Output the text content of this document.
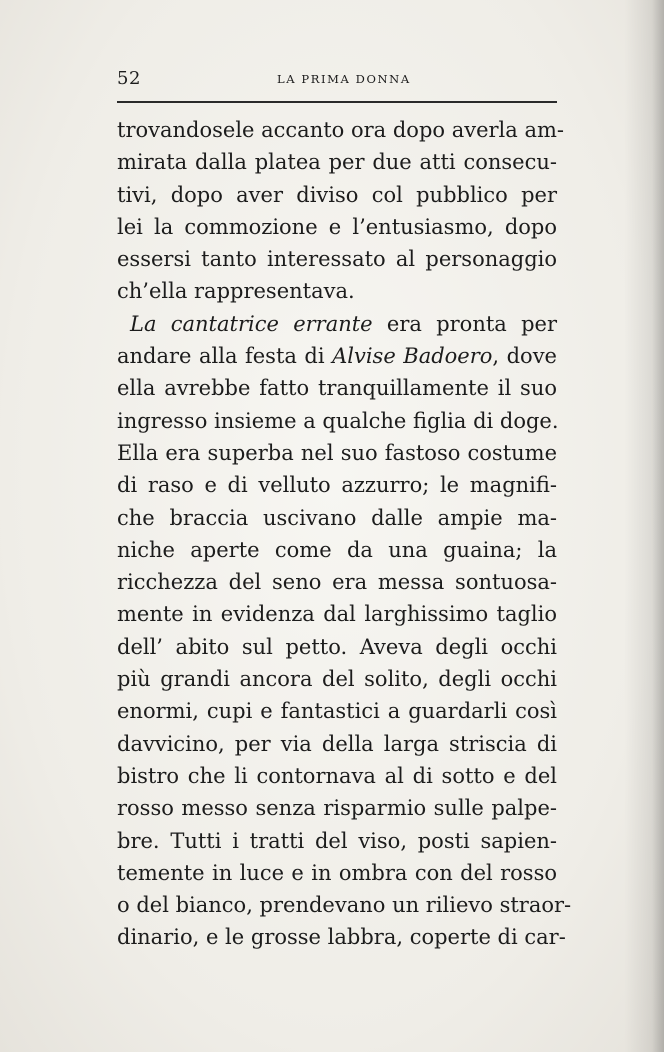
52	LA PRIMA DONNA
trovandosele accanto ora dopo averla am-
mirata dalla platea per due atti consecu-
tivi, dopo aver diviso col pubblico per
lei la commozione e l’entusiasmo, dopo
essersi tanto interessato al personaggio
ch’ella rappresentava.
La cantatrice errante era pronta per
andare alla festa di Alvise Badoero, dove
ella avrebbe fatto tranquillamente il suo
ingresso insieme a qualche figlia di doge.
Ella era superba nel suo fastoso costume
di raso e di velluto azzurro; le magnifi-
che braccia uscivano dalle ampie ma-
niche aperte come da una guaina; la
ricchezza del seno era messa sontuosa-
mente in evidenza dal larghissimo taglio
dell’ abito sul petto. Aveva degli occhi
più grandi ancora del solito, degli occhi
enormi, cupi e fantastici a guardarli così
davvicino, per via della larga striscia di
bistro che li contornava al di sotto e del
rosso messo senza risparmio sulle palpe-
bre. Tutti i tratti del viso, posti sapien-
temente in luce e in ombra con del rosso
o del bianco, prendevano un rilievo straor-
dinario, e le grosse labbra, coperte di car-
